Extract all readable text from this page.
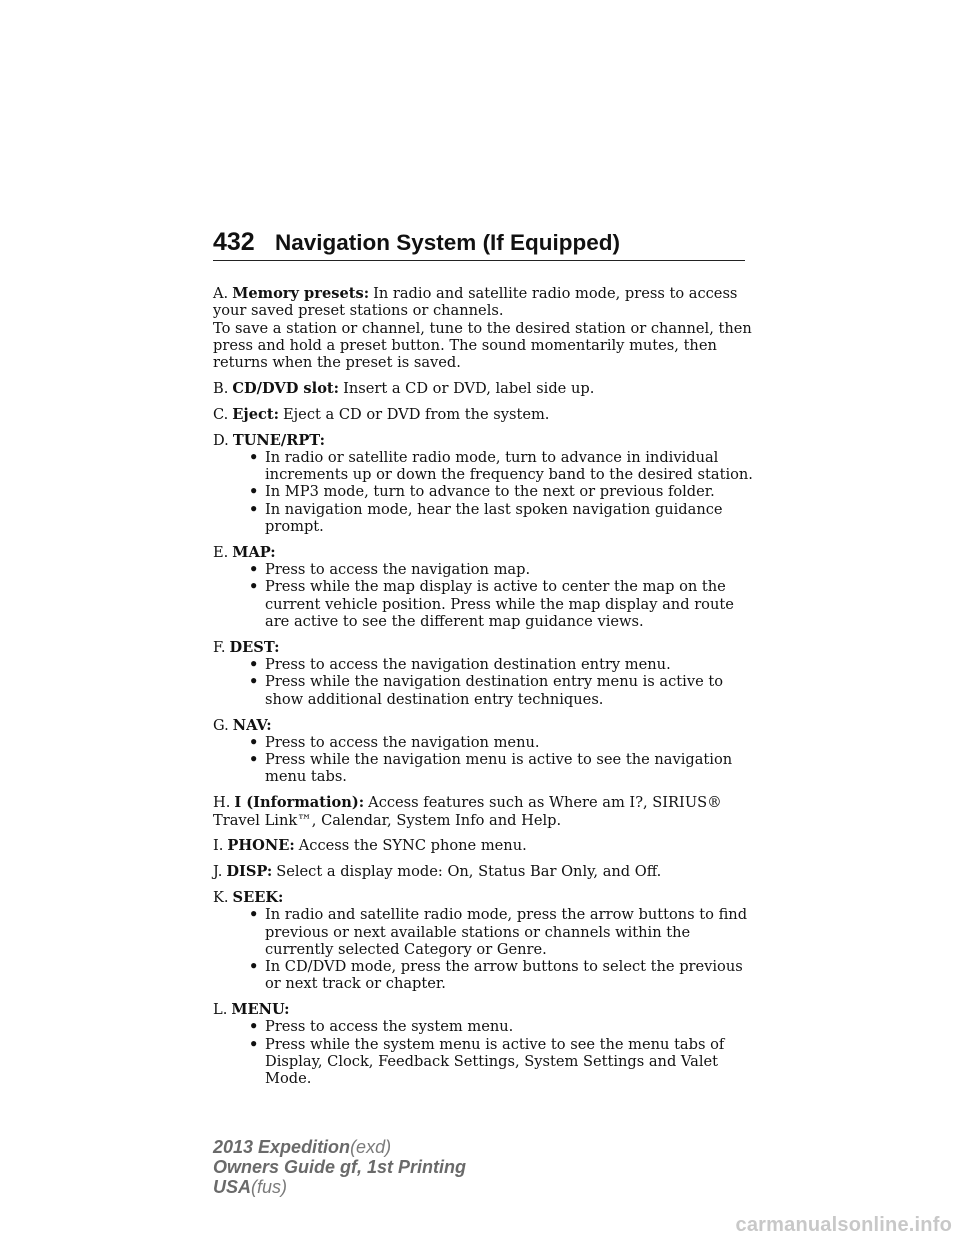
432 Navigation System (If Equipped)
A. Memory presets: In radio and satellite radio mode, press to access your saved preset stations or channels.
To save a station or channel, tune to the desired station or channel, then press and hold a preset button. The sound momentarily mutes, then returns when the preset is saved.
B. CD/DVD slot: Insert a CD or DVD, label side up.
C. Eject: Eject a CD or DVD from the system.
D. TUNE/RPT:
• In radio or satellite radio mode, turn to advance in individual increments up or down the frequency band to the desired station.
• In MP3 mode, turn to advance to the next or previous folder.
• In navigation mode, hear the last spoken navigation guidance prompt.
E. MAP:
• Press to access the navigation map.
• Press while the map display is active to center the map on the current vehicle position. Press while the map display and route are active to see the different map guidance views.
F. DEST:
• Press to access the navigation destination entry menu.
• Press while the navigation destination entry menu is active to show additional destination entry techniques.
G. NAV:
• Press to access the navigation menu.
• Press while the navigation menu is active to see the navigation menu tabs.
H. I (Information): Access features such as Where am I?, SIRIUS® Travel Link™, Calendar, System Info and Help.
I. PHONE: Access the SYNC phone menu.
J. DISP: Select a display mode: On, Status Bar Only, and Off.
K. SEEK:
• In radio and satellite radio mode, press the arrow buttons to find previous or next available stations or channels within the currently selected Category or Genre.
• In CD/DVD mode, press the arrow buttons to select the previous or next track or chapter.
L. MENU:
• Press to access the system menu.
• Press while the system menu is active to see the menu tabs of Display, Clock, Feedback Settings, System Settings and Valet Mode.
2013 Expedition(exd)
Owners Guide gf, 1st Printing
USA(fus)
carmanualsonline.info
